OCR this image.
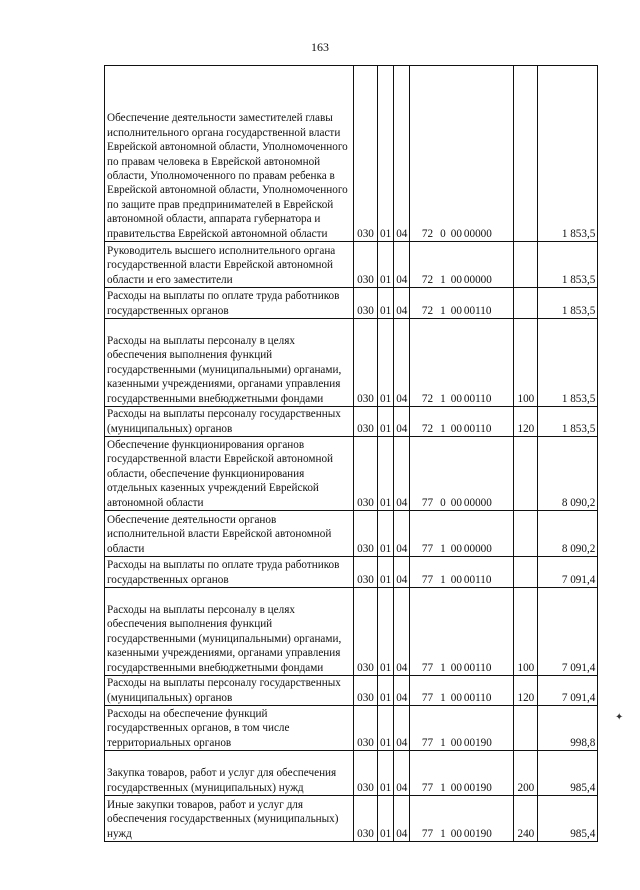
163
Обеспечение деятельности заместителей главы исполнительного органа государственной власти Еврейской автономной области, Уполномоченного по правам человека в Еврейской автономной области, Уполномоченного по правам ребенка в Еврейской автономной области, Уполномоченного по защите прав предпринимателей в Еврейской автономной области, аппарата губернатора и правительства Еврейской автономной области	030	01	04	72 0 00 00000		1 853,5
Руководитель высшего исполнительного органа государственной власти Еврейской автономной области и его заместители	030	01	04	72 1 00 00000		1 853,5
Расходы на выплаты по оплате труда работников государственных органов	030	01	04	72 1 00 00110		1 853,5
Расходы на выплаты персоналу в целях обеспечения выполнения функций государственными (муниципальными) органами, казенными учреждениями, органами управления государственными внебюджетными фондами	030	01	04	72 1 00 00110	100	1 853,5
Расходы на выплаты персоналу государственных (муниципальных) органов	030	01	04	72 1 00 00110	120	1 853,5
Обеспечение функционирования органов государственной власти Еврейской автономной области, обеспечение функционирования отдельных казенных учреждений Еврейской автономной области	030	01	04	77 0 00 00000		8 090,2
Обеспечение деятельности органов исполнительной власти Еврейской автономной области	030	01	04	77 1 00 00000		8 090,2
Расходы на выплаты по оплате труда работников государственных органов	030	01	04	77 1 00 00110		7 091,4
Расходы на выплаты персоналу в целях обеспечения выполнения функций государственными (муниципальными) органами, казенными учреждениями, органами управления государственными внебюджетными фондами	030	01	04	77 1 00 00110	100	7 091,4
Расходы на выплаты персоналу государственных (муниципальных) органов	030	01	04	77 1 00 00110	120	7 091,4
Расходы на обеспечение функций государственных органов, в том числе территориальных органов	030	01	04	77 1 00 00190		998,8
Закупка товаров, работ и услуг для обеспечения государственных (муниципальных) нужд	030	01	04	77 1 00 00190	200	985,4
Иные закупки товаров, работ и услуг для обеспечения государственных (муниципальных) нужд	030	01	04	77 1 00 00190	240	985,4
✦
